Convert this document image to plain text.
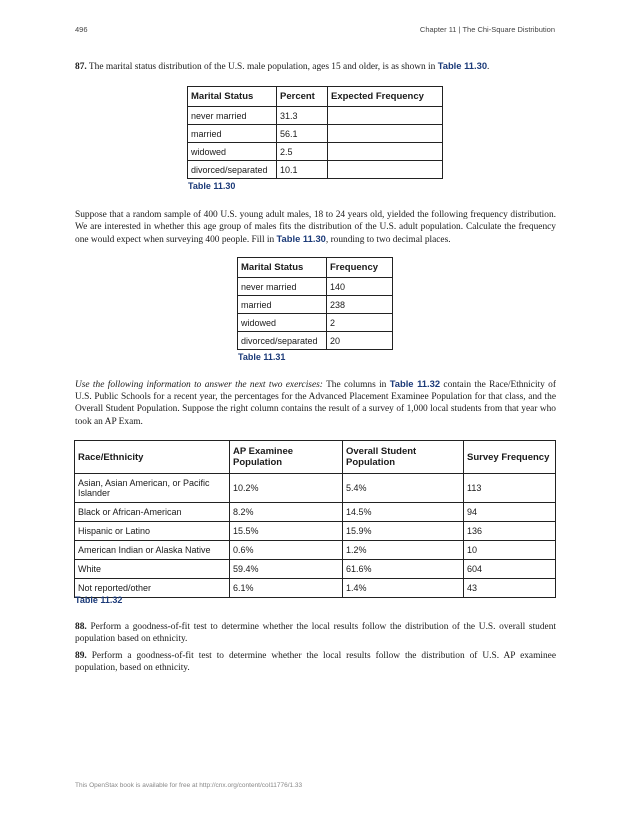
496	Chapter 11 | The Chi-Square Distribution
87. The marital status distribution of the U.S. male population, ages 15 and older, is as shown in Table 11.30.
Marital Status	Percent	Expected Frequency
never married	31.3	
married	56.1	
widowed	2.5	
divorced/separated	10.1	
Table 11.30
Suppose that a random sample of 400 U.S. young adult males, 18 to 24 years old, yielded the following frequency distribution. We are interested in whether this age group of males fits the distribution of the U.S. adult population. Calculate the frequency one would expect when surveying 400 people. Fill in Table 11.30, rounding to two decimal places.
Marital Status	Frequency
never married	140
married	238
widowed	2
divorced/separated	20
Table 11.31
Use the following information to answer the next two exercises: The columns in Table 11.32 contain the Race/Ethnicity of U.S. Public Schools for a recent year, the percentages for the Advanced Placement Examinee Population for that class, and the Overall Student Population. Suppose the right column contains the result of a survey of 1,000 local students from that year who took an AP Exam.
Race/Ethnicity	AP Examinee Population	Overall Student Population	Survey Frequency
Asian, Asian American, or Pacific Islander	10.2%	5.4%	113
Black or African-American	8.2%	14.5%	94
Hispanic or Latino	15.5%	15.9%	136
American Indian or Alaska Native	0.6%	1.2%	10
White	59.4%	61.6%	604
Not reported/other	6.1%	1.4%	43
Table 11.32
88. Perform a goodness-of-fit test to determine whether the local results follow the distribution of the U.S. overall student population based on ethnicity.
89. Perform a goodness-of-fit test to determine whether the local results follow the distribution of U.S. AP examinee population, based on ethnicity.
This OpenStax book is available for free at http://cnx.org/content/col11776/1.33
